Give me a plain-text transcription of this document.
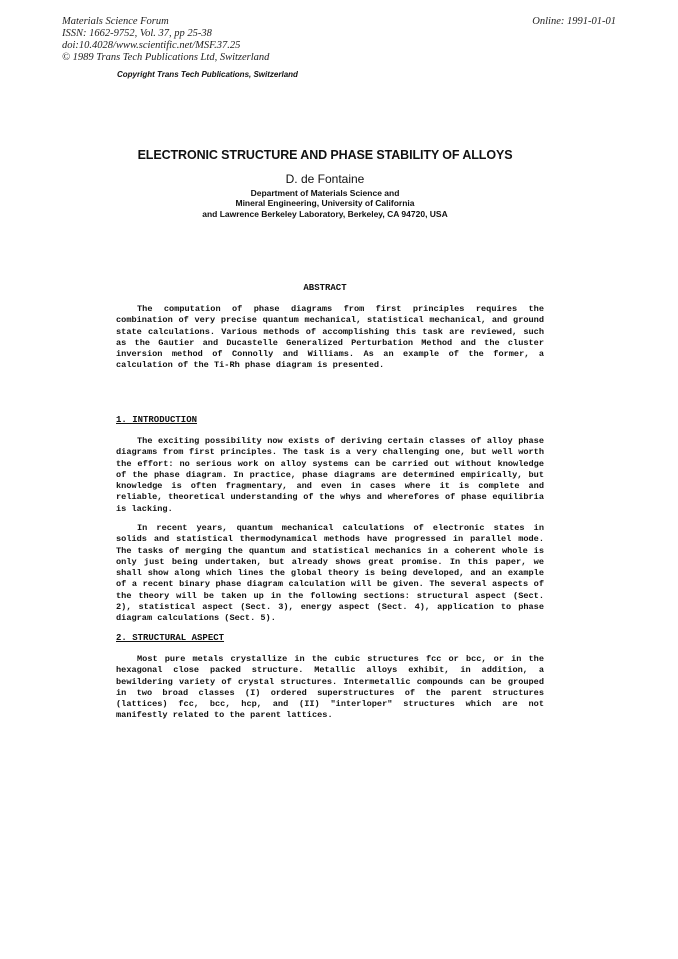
Materials Science Forum
ISSN: 1662-9752, Vol. 37, pp 25-38
doi:10.4028/www.scientific.net/MSF.37.25
© 1989 Trans Tech Publications Ltd, Switzerland
Online: 1991-01-01
Copyright Trans Tech Publications, Switzerland
ELECTRONIC STRUCTURE AND PHASE STABILITY OF ALLOYS
D. de Fontaine
Department of Materials Science and
Mineral Engineering, University of California
and Lawrence Berkeley Laboratory, Berkeley, CA 94720, USA
ABSTRACT

The computation of phase diagrams from first principles requires the combination of very precise quantum mechanical, statistical mechanical, and ground state calculations. Various methods of accomplishing this task are reviewed, such as the Gautier and Ducastelle Generalized Perturbation Method and the cluster inversion method of Connolly and Williams. As an example of the former, a calculation of the Ti-Rh phase diagram is presented.

1. INTRODUCTION

The exciting possibility now exists of deriving certain classes of alloy phase diagrams from first principles. The task is a very challenging one, but well worth the effort: no serious work on alloy systems can be carried out without knowledge of the phase diagram. In practice, phase diagrams are determined empirically, but knowledge is often fragmentary, and even in cases where it is complete and reliable, theoretical understanding of the whys and wherefores of phase equilibria is lacking.

In recent years, quantum mechanical calculations of electronic states in solids and statistical thermodynamical methods have progressed in parallel mode. The tasks of merging the quantum and statistical mechanics in a coherent whole is only just being undertaken, but already shows great promise. In this paper, we shall show along which lines the global theory is being developed, and an example of a recent binary phase diagram calculation will be given. The several aspects of the theory will be taken up in the following sections: structural aspect (Sect. 2), statistical aspect (Sect. 3), energy aspect (Sect. 4), application to phase diagram calculations (Sect. 5).

2. STRUCTURAL ASPECT

Most pure metals crystallize in the cubic structures fcc or bcc, or in the hexagonal close packed structure. Metallic alloys exhibit, in addition, a bewildering variety of crystal structures. Intermetallic compounds can be grouped in two broad classes (I) ordered superstructures of the parent structures (lattices) fcc, bcc, hcp, and (II) "interloper" structures which are not manifestly related to the parent lattices.
